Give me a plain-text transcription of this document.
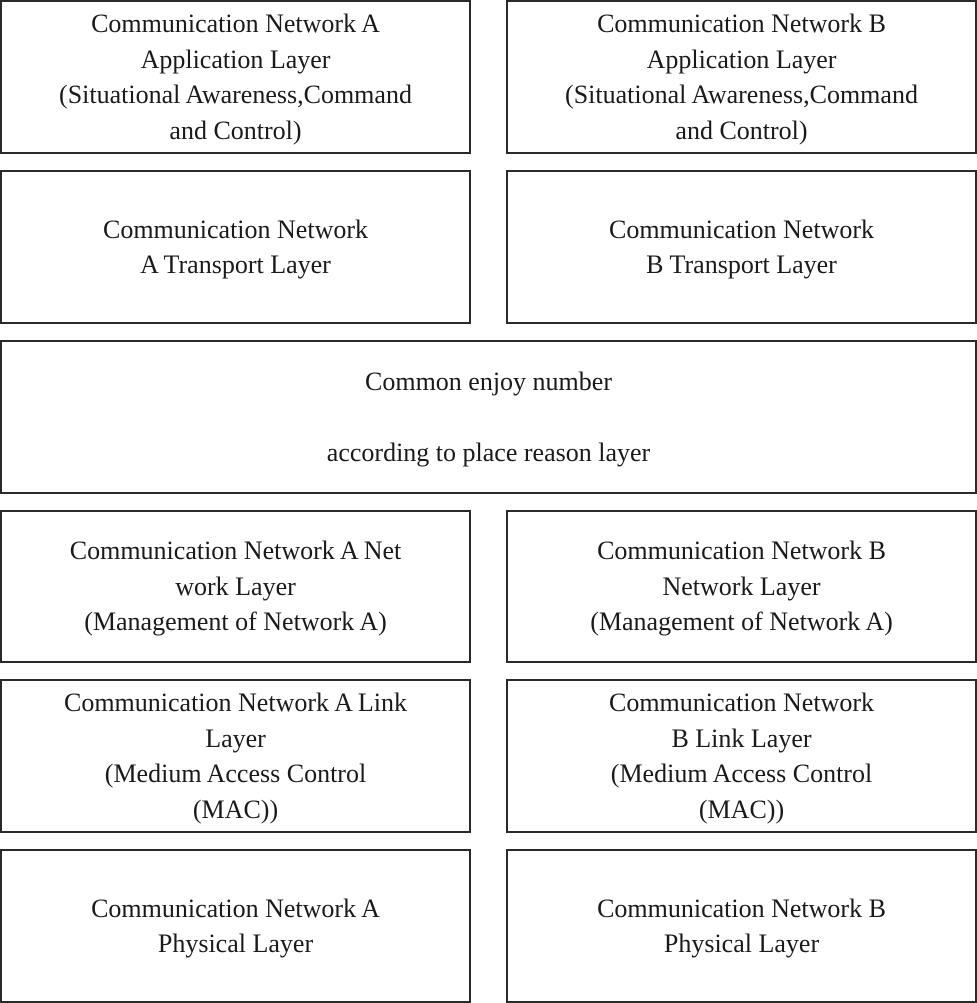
Communication Network A
Application Layer
(Situational Awareness,Command
and Control)
Communication Network B
Application Layer
(Situational Awareness,Command
and Control)
Communication Network
A Transport Layer
Communication Network
B Transport Layer
Common enjoy number
according to place reason layer
Communication Network A Net
work Layer
(Management of Network A)
Communication Network B
Network Layer
(Management of Network A)
Communication Network A Link
Layer
(Medium Access Control
(MAC))
Communication Network
B Link Layer
(Medium Access Control
(MAC))
Communication Network A
Physical Layer
Communication Network B
Physical Layer
